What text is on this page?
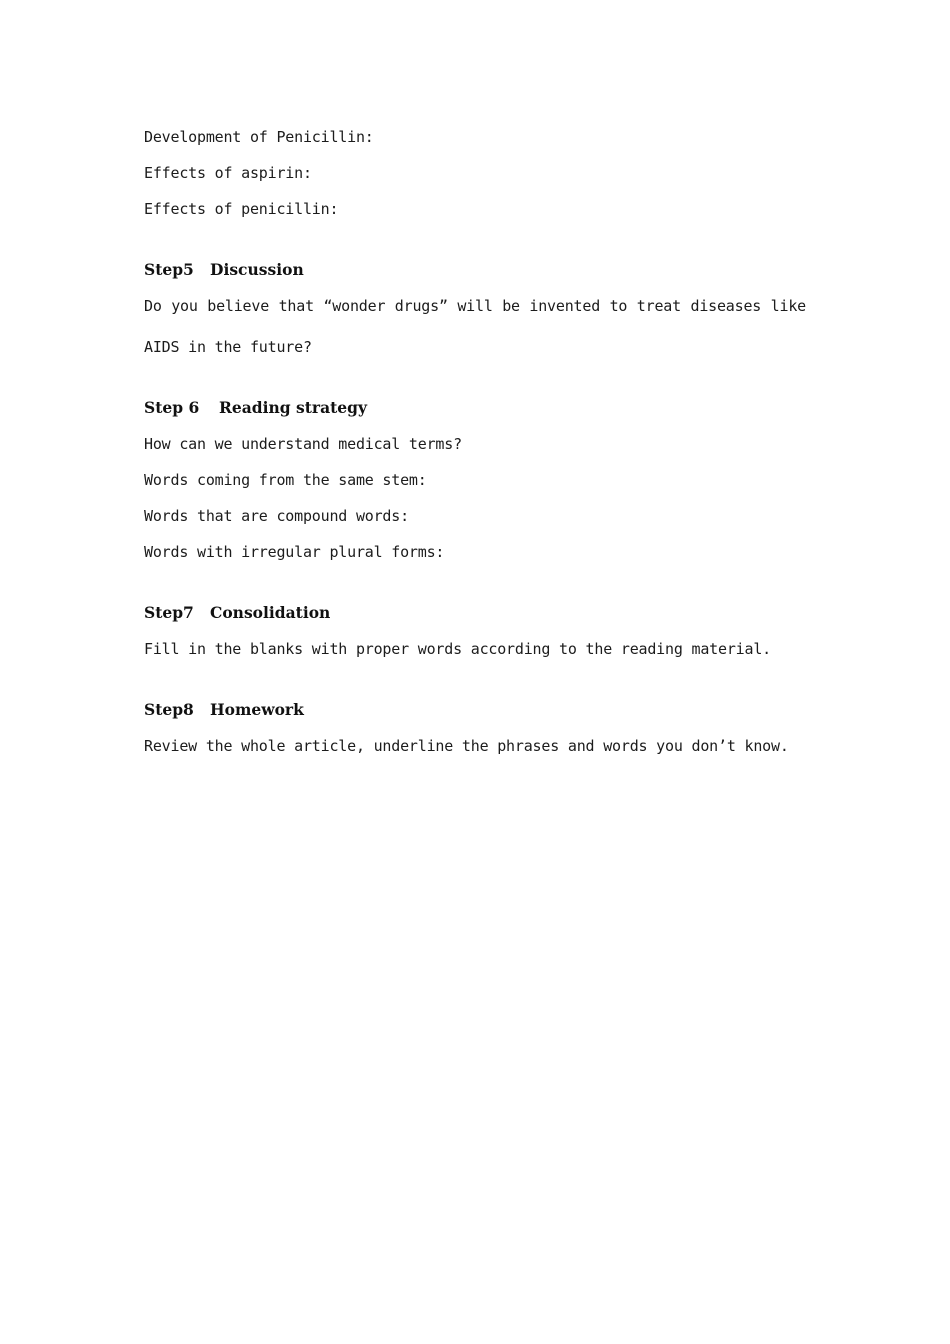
Development of Penicillin:
Effects of aspirin:
Effects of penicillin:
Step5 Discussion
Do you believe that “wonder drugs” will be invented to treat diseases like
AIDS in the future?
Step 6 Reading strategy
How can we understand medical terms?
Words coming from the same stem:
Words that are compound words:
Words with irregular plural forms:
Step7 Consolidation
Fill in the blanks with proper words according to the reading material.
Step8 Homework
Review the whole article, underline the phrases and words you don’t know.
